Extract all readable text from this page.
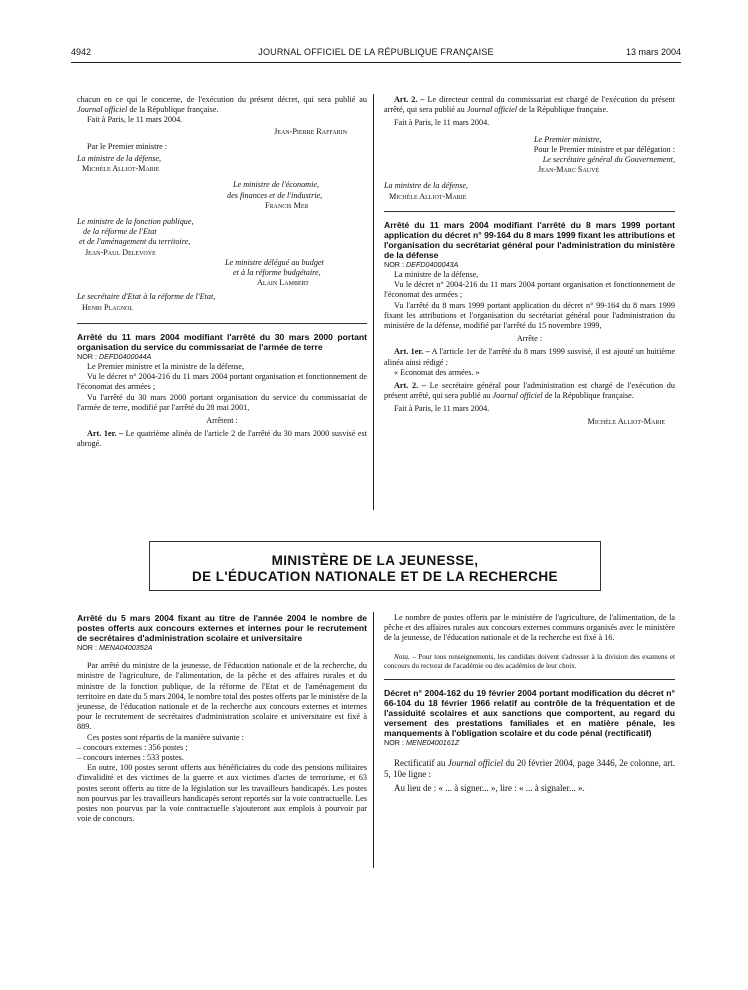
4942	JOURNAL OFFICIEL DE LA RÉPUBLIQUE FRANÇAISE	13 mars 2004

chacun en ce qui le concerne, de l'exécution du présent décret, qui sera publié au Journal officiel de la République française.

Fait à Paris, le 11 mars 2004.

Jean-Pierre Raffarin

Par le Premier ministre :

La ministre de la défense,

Michèle Alliot-Marie

Le ministre de l'économie,

des finances et de l'industrie,

Francis Mer

Le ministre de la fonction publique,

de la réforme de l'Etat

et de l'aménagement du territoire,

Jean-Paul Delevoye

Le ministre délégué au budget

et à la réforme budgétaire,

Alain Lambert

Le secrétaire d'Etat à la réforme de l'Etat,

Henri Plagnol

Arrêté du 11 mars 2004 modifiant l'arrêté du 30 mars 2000 portant organisation du service du commissariat de l'armée de terre

NOR : DEFD0400044A

Le Premier ministre et la ministre de la défense,

Vu le décret n° 2004-216 du 11 mars 2004 portant organisation et fonctionnement de l'économat des armées ;

Vu l'arrêté du 30 mars 2000 portant organisation du service du commissariat de l'armée de terre, modifié par l'arrêté du 28 mai 2001,

Arrêtent :

Art. 1er. – Le quatrième alinéa de l'article 2 de l'arrêté du 30 mars 2000 susvisé est abrogé.

Art. 2. – Le directeur central du commissariat est chargé de l'exécution du présent arrêté, qui sera publié au Journal officiel de la République française.

Fait à Paris, le 11 mars 2004.

Le Premier ministre,

Pour le Premier ministre et par délégation :

Le secrétaire général du Gouvernement,

Jean-Marc Sauvé

La ministre de la défense,

Michèle Alliot-Marie

Arrêté du 11 mars 2004 modifiant l'arrêté du 8 mars 1999 portant application du décret n° 99-164 du 8 mars 1999 fixant les attributions et l'organisation du secrétariat général pour l'administration du ministère de la défense

NOR : DEFD0400043A

La ministre de la défense,

Vu le décret n° 2004-216 du 11 mars 2004 portant organisation et fonctionnement de l'économat des armées ;

Vu l'arrêté du 8 mars 1999 portant application du décret n° 99-164 du 8 mars 1999 fixant les attributions et l'organisation du secrétariat général pour l'administration du ministère de la défense, modifié par l'arrêté du 15 novembre 1999,

Arrête :

Art. 1er. – A l'article 1er de l'arrêté du 8 mars 1999 susvisé, il est ajouté un huitième alinéa ainsi rédigé :

« Economat des armées. »

Art. 2. – Le secrétaire général pour l'administration est chargé de l'exécution du présent arrêté, qui sera publié au Journal officiel de la République française.

Fait à Paris, le 11 mars 2004.

Michèle Alliot-Marie

MINISTÈRE DE LA JEUNESSE,
DE L'ÉDUCATION NATIONALE ET DE LA RECHERCHE

Arrêté du 5 mars 2004 fixant au titre de l'année 2004 le nombre de postes offerts aux concours externes et internes pour le recrutement de secrétaires d'administration scolaire et universitaire

NOR : MENA0400352A

Par arrêté du ministre de la jeunesse, de l'éducation nationale et de la recherche, du ministre de l'agriculture, de l'alimentation, de la pêche et des affaires rurales et du ministre de la fonction publique, de la réforme de l'Etat et de l'aménagement du territoire en date du 5 mars 2004, le nombre total des postes offerts par le ministère de la jeunesse, de l'éducation nationale et de la recherche aux concours externes et internes pour le recrutement de secrétaires d'administration scolaire et universitaire est fixé à 889.

Ces postes sont répartis de la manière suivante :

– concours externes : 356 postes ;

– concours internes : 533 postes.

En outre, 100 postes seront offerts aux bénéficiaires du code des pensions militaires d'invalidité et des victimes de la guerre et aux victimes d'actes de terrorisme, et 63 postes seront offerts au titre de la législation sur les travailleurs handicapés. Les postes non pourvus par les travailleurs handicapés seront reportés sur la voie contractuelle. Les postes non pourvus par la voie contractuelle s'ajouteront aux emplois à pourvoir par voie de concours.

Le nombre de postes offerts par le ministère de l'agriculture, de l'alimentation, de la pêche et des affaires rurales aux concours externes communs organisés avec le ministère de la jeunesse, de l'éducation nationale et de la recherche est fixé à 16.

Nota. – Pour tous renseignements, les candidats doivent s'adresser à la division des examens et concours du rectorat de l'académie ou des académies de leur choix.

Décret n° 2004-162 du 19 février 2004 portant modification du décret n° 66-104 du 18 février 1966 relatif au contrôle de la fréquentation et de l'assiduité scolaires et aux sanctions que comportent, au regard du versement des prestations familiales et en matière pénale, les manquements à l'obligation scolaire et du code pénal (rectificatif)

NOR : MENE0400161Z

Rectificatif au Journal officiel du 20 février 2004, page 3446, 2e colonne, art. 5, 10e ligne :

Au lieu de : « ... à signer... », lire : « ... à signaler... ».
